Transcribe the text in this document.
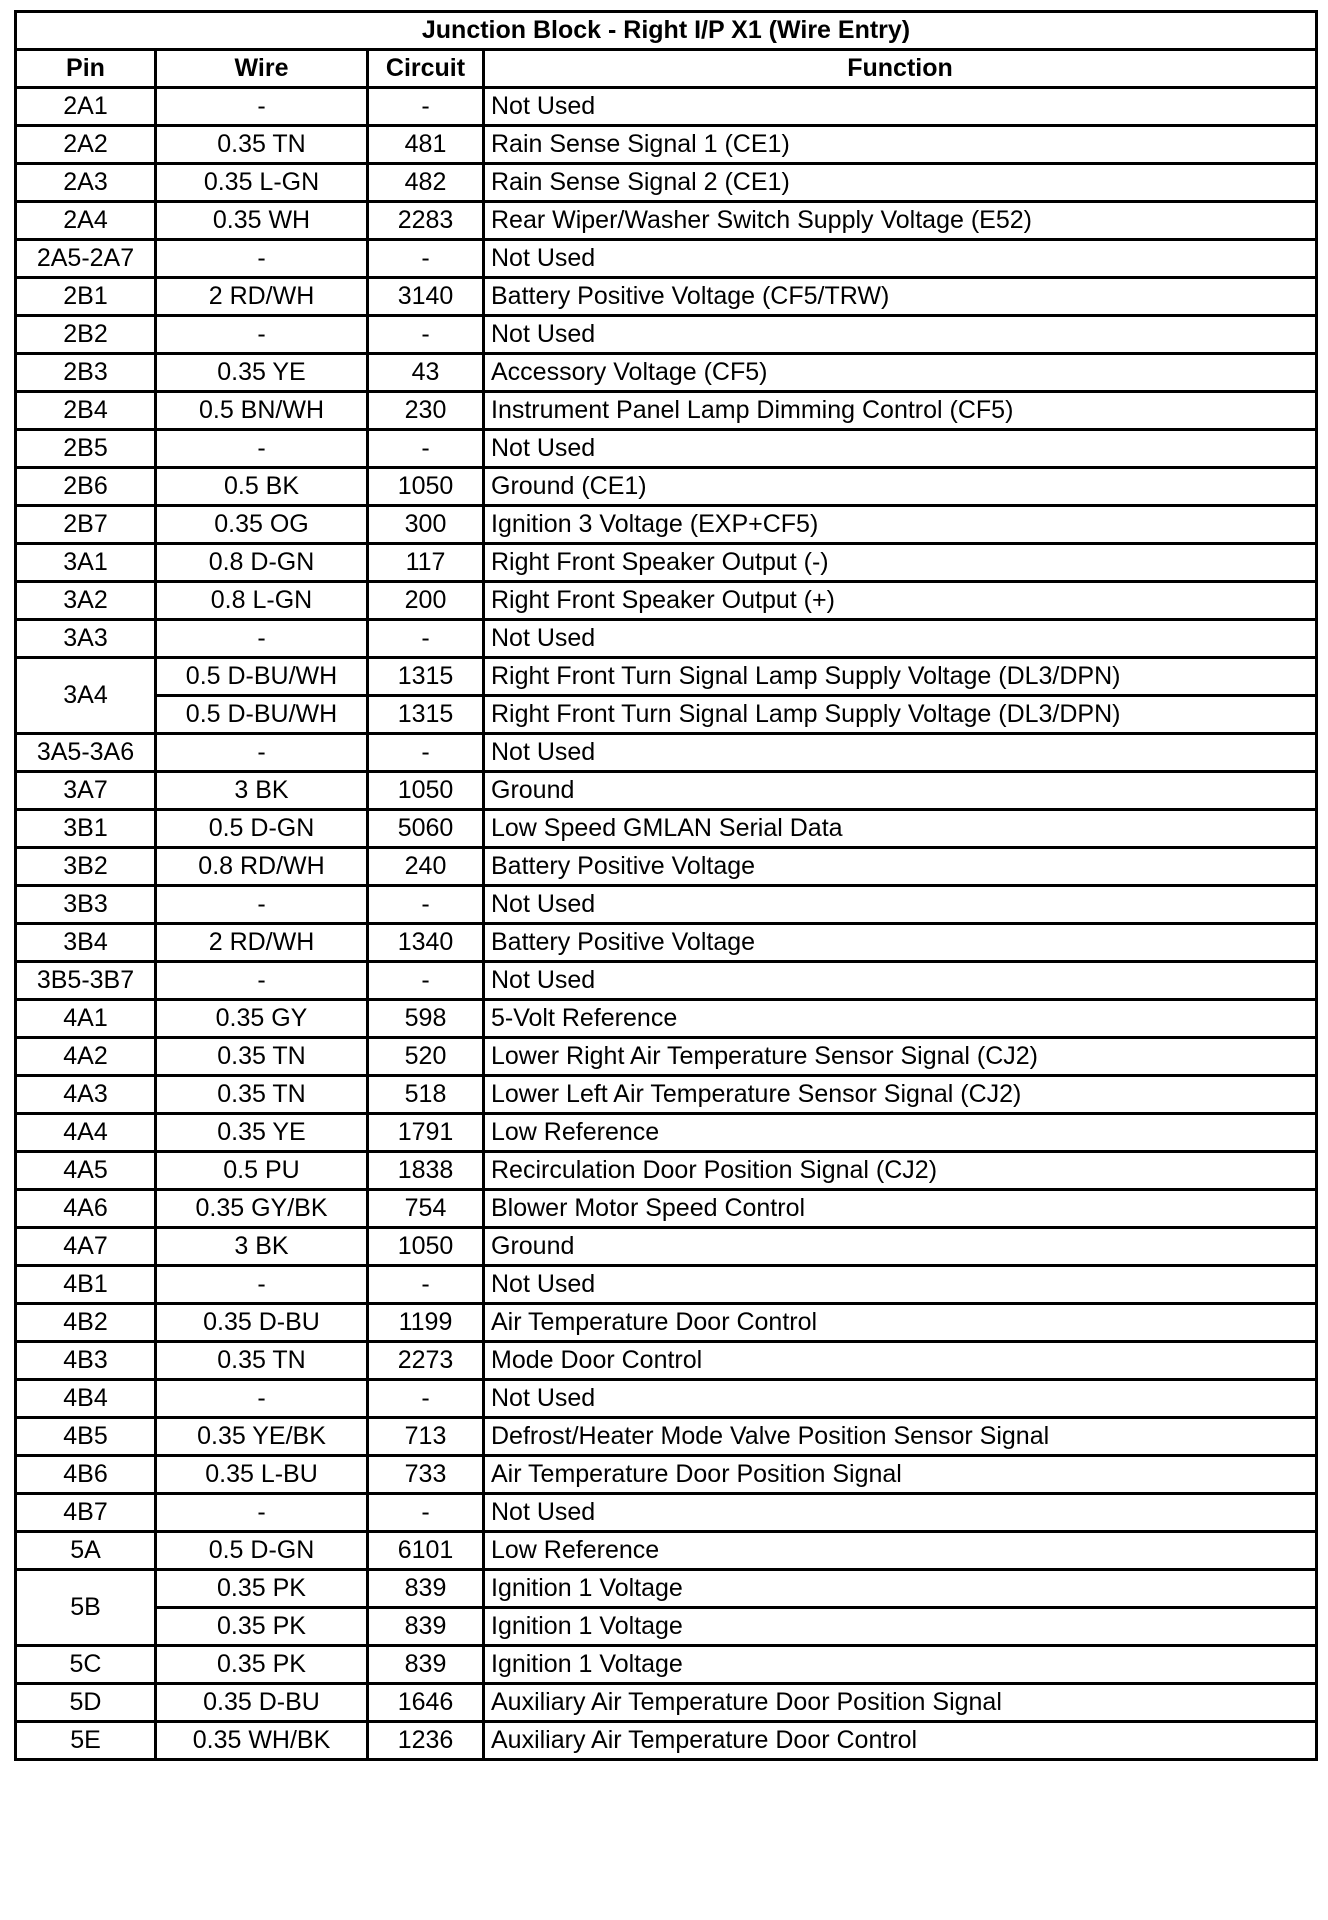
Junction Block - Right I/P X1 (Wire Entry)			
Pin	Wire	Circuit	Function
2A1	-	-	Not Used
2A2	0.35 TN	481	Rain Sense Signal 1 (CE1)
2A3	0.35 L-GN	482	Rain Sense Signal 2 (CE1)
2A4	0.35 WH	2283	Rear Wiper/Washer Switch Supply Voltage (E52)
2A5-2A7	-	-	Not Used
2B1	2 RD/WH	3140	Battery Positive Voltage (CF5/TRW)
2B2	-	-	Not Used
2B3	0.35 YE	43	Accessory Voltage (CF5)
2B4	0.5 BN/WH	230	Instrument Panel Lamp Dimming Control (CF5)
2B5	-	-	Not Used
2B6	0.5 BK	1050	Ground (CE1)
2B7	0.35 OG	300	Ignition 3 Voltage (EXP+CF5)
3A1	0.8 D-GN	117	Right Front Speaker Output (-)
3A2	0.8 L-GN	200	Right Front Speaker Output (+)
3A3	-	-	Not Used
3A4	0.5 D-BU/WH	1315	Right Front Turn Signal Lamp Supply Voltage (DL3/DPN)
	0.5 D-BU/WH	1315	Right Front Turn Signal Lamp Supply Voltage (DL3/DPN)
3A5-3A6	-	-	Not Used
3A7	3 BK	1050	Ground
3B1	0.5 D-GN	5060	Low Speed GMLAN Serial Data
3B2	0.8 RD/WH	240	Battery Positive Voltage
3B3	-	-	Not Used
3B4	2 RD/WH	1340	Battery Positive Voltage
3B5-3B7	-	-	Not Used
4A1	0.35 GY	598	5-Volt Reference
4A2	0.35 TN	520	Lower Right Air Temperature Sensor Signal (CJ2)
4A3	0.35 TN	518	Lower Left Air Temperature Sensor Signal (CJ2)
4A4	0.35 YE	1791	Low Reference
4A5	0.5 PU	1838	Recirculation Door Position Signal (CJ2)
4A6	0.35 GY/BK	754	Blower Motor Speed Control
4A7	3 BK	1050	Ground
4B1	-	-	Not Used
4B2	0.35 D-BU	1199	Air Temperature Door Control
4B3	0.35 TN	2273	Mode Door Control
4B4	-	-	Not Used
4B5	0.35 YE/BK	713	Defrost/Heater Mode Valve Position Sensor Signal
4B6	0.35 L-BU	733	Air Temperature Door Position Signal
4B7	-	-	Not Used
5A	0.5 D-GN	6101	Low Reference
5B	0.35 PK	839	Ignition 1 Voltage
	0.35 PK	839	Ignition 1 Voltage
5C	0.35 PK	839	Ignition 1 Voltage
5D	0.35 D-BU	1646	Auxiliary Air Temperature Door Position Signal
5E	0.35 WH/BK	1236	Auxiliary Air Temperature Door Control
